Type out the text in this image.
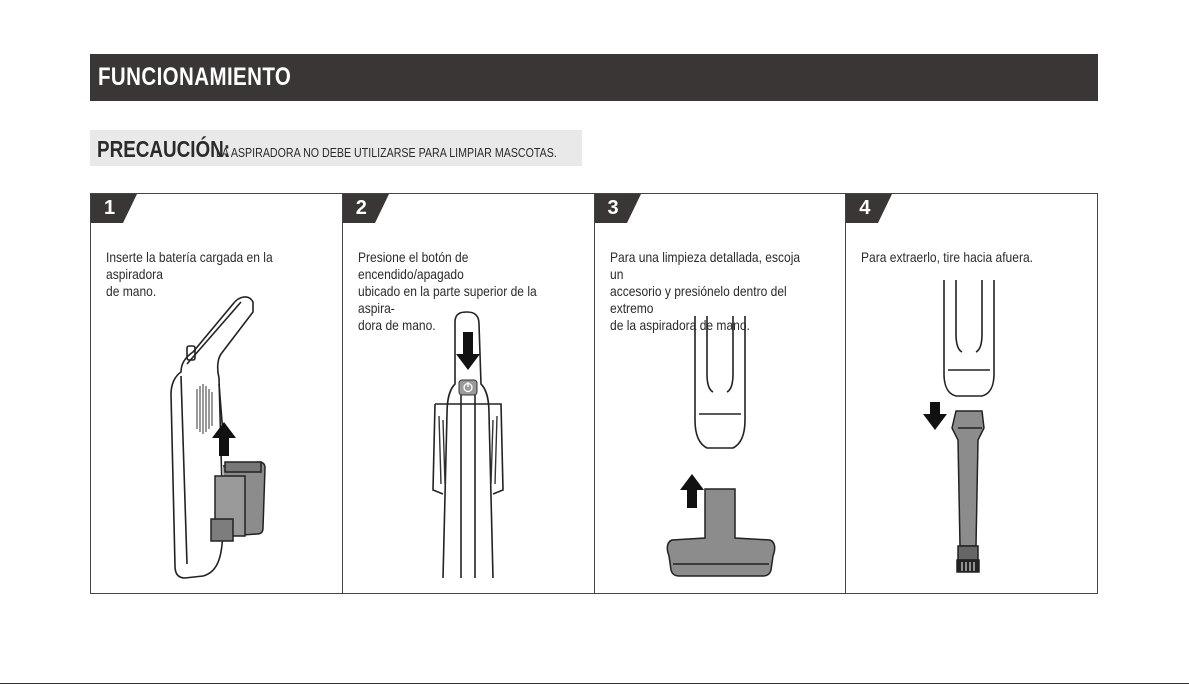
FUNCIONAMIENTO
PRECAUCIÓN:
LA ASPIRADORA NO DEBE UTILIZARSE PARA LIMPIAR MASCOTAS.
1
Inserte la batería cargada en la aspiradora
de mano.
2
Presione el botón de encendido/apagado
ubicado en la parte superior de la aspira-
dora de mano.
3
Para una limpieza detallada, escoja un
accesorio y presiónelo dentro del extremo
de la aspiradora de mano.
4
Para extraerlo, tire hacia afuera.
